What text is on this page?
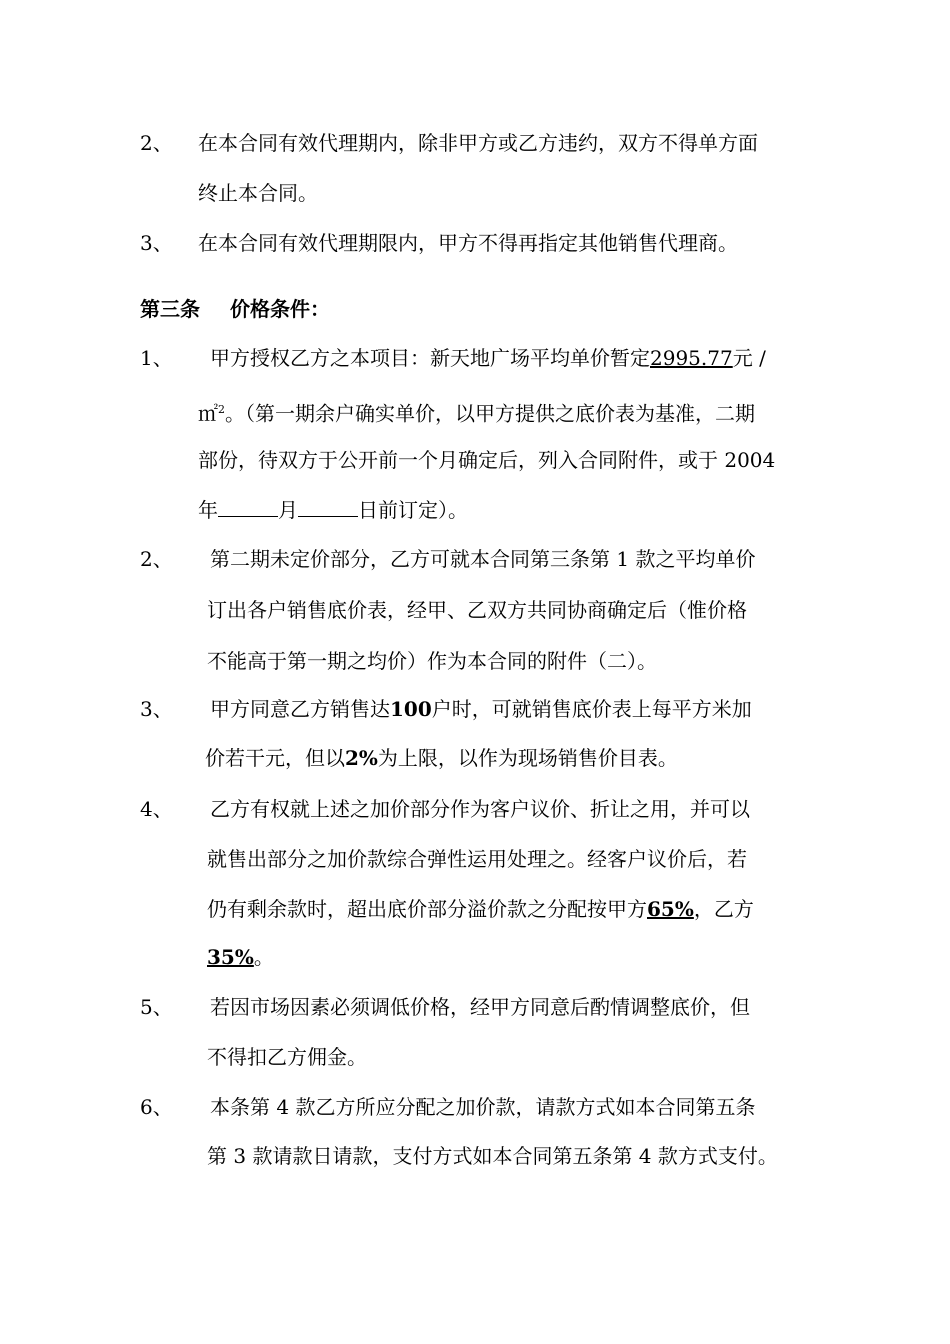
2、	在本合同有效代理期内，除非甲方或乙方违约，双方不得单方面
终止本合同。
3、	在本合同有效代理期限内，甲方不得再指定其他销售代理商。
第三条 价格条件：
1、	甲方授权乙方之本项目：新天地广场平均单价暂定2995.77元 /
㎡$^2$。（第一期余户确实单价，以甲方提供之底价表为基准，二期
部份，待双方于公开前一个月确定后，列入合同附件，或于 2004
年	月	日前订定）。
2、	第二期未定价部分，乙方可就本合同第三条第 1 款之平均单价
订出各户销售底价表，经甲、乙双方共同协商确定后（惟价格
不能高于第一期之均价）作为本合同的附件（二）。
3、	甲方同意乙方销售达100户时，可就销售底价表上每平方米加
价若干元，但以2%为上限，以作为现场销售价目表。
4、	乙方有权就上述之加价部分作为客户议价、折让之用，并可以
就售出部分之加价款综合弹性运用处理之。经客户议价后，若
仍有剩余款时，超出底价部分溢价款之分配按甲方65%，乙方
35%。
5、	若因市场因素必须调低价格，经甲方同意后酌情调整底价，但
不得扣乙方佣金。
6、	本条第 4 款乙方所应分配之加价款，请款方式如本合同第五条
第 3 款请款日请款，支付方式如本合同第五条第 4 款方式支付。
